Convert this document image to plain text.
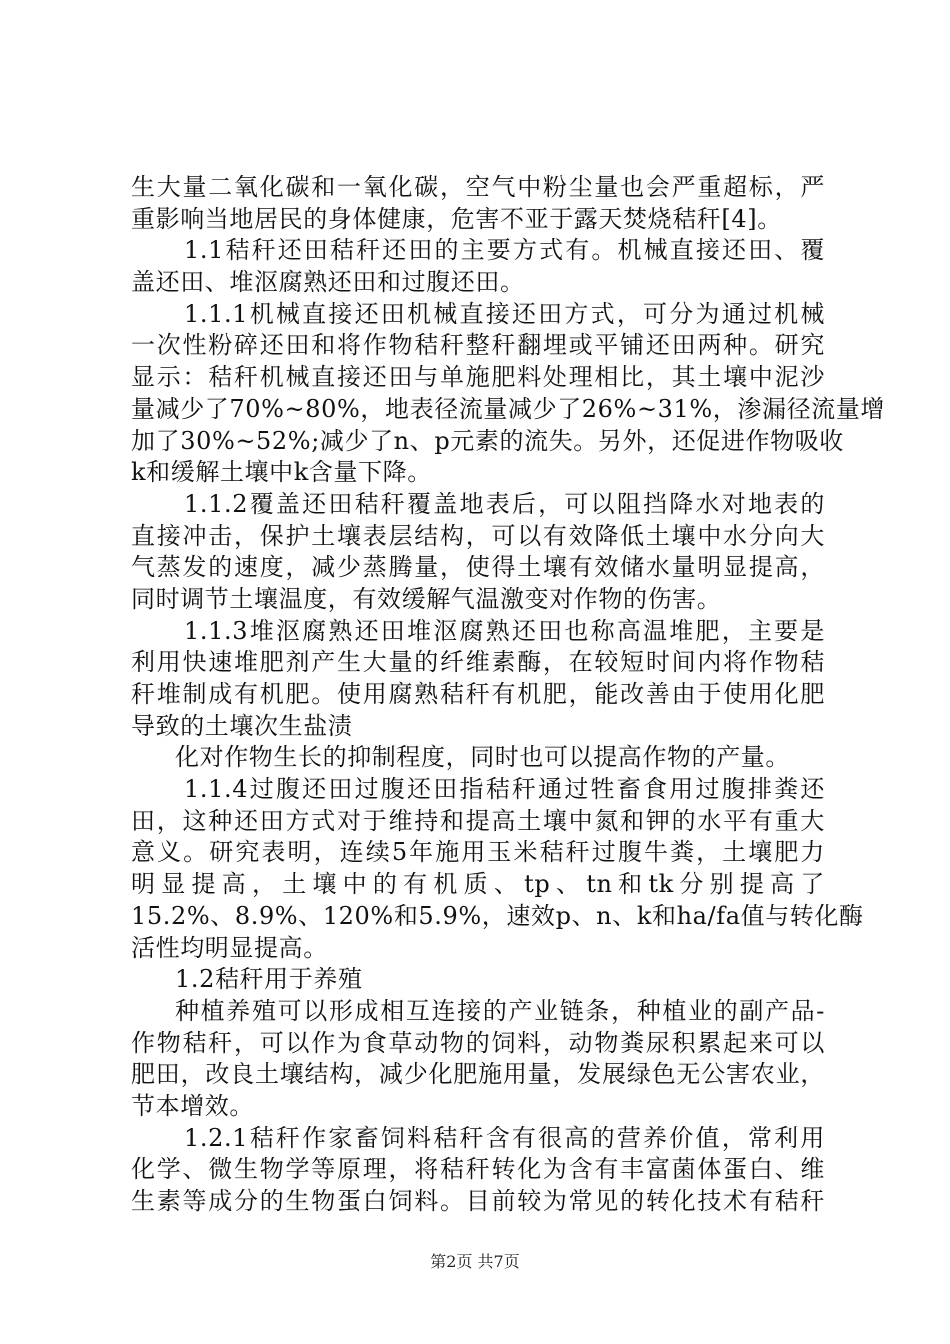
生大量二氧化碳和一氧化碳，空气中粉尘量也会严重超标，严
重影响当地居民的身体健康，危害不亚于露天焚烧秸秆[4]。
1.1秸秆还田秸秆还田的主要方式有。机械直接还田、覆
盖还田、堆沤腐熟还田和过腹还田。
1.1.1机械直接还田机械直接还田方式，可分为通过机械
一次性粉碎还田和将作物秸秆整秆翻埋或平铺还田两种。研究
显示：秸秆机械直接还田与单施肥料处理相比，其土壤中泥沙
量减少了70%~80%，地表径流量减少了26%~31%，渗漏径流量增
加了30%~52%;减少了n、p元素的流失。另外，还促进作物吸收
k和缓解土壤中k含量下降。
1.1.2覆盖还田秸秆覆盖地表后，可以阻挡降水对地表的
直接冲击，保护土壤表层结构，可以有效降低土壤中水分向大
气蒸发的速度，减少蒸腾量，使得土壤有效储水量明显提高，
同时调节土壤温度，有效缓解气温激变对作物的伤害。
1.1.3堆沤腐熟还田堆沤腐熟还田也称高温堆肥，主要是
利用快速堆肥剂产生大量的纤维素酶，在较短时间内将作物秸
秆堆制成有机肥。使用腐熟秸秆有机肥，能改善由于使用化肥
导致的土壤次生盐渍
化对作物生长的抑制程度，同时也可以提高作物的产量。
1.1.4过腹还田过腹还田指秸秆通过牲畜食用过腹排粪还
田，这种还田方式对于维持和提高土壤中氮和钾的水平有重大
意义。研究表明，连续5年施用玉米秸秆过腹牛粪，土壤肥力
明显提高，土壤中的有机质、tp、tn和tk分别提高了
15.2%、8.9%、120%和5.9%，速效p、n、k和ha/fa值与转化酶
活性均明显提高。
1.2秸秆用于养殖
种植养殖可以形成相互连接的产业链条，种植业的副产品-
作物秸秆，可以作为食草动物的饲料，动物粪尿积累起来可以
肥田，改良土壤结构，减少化肥施用量，发展绿色无公害农业，
节本增效。
1.2.1秸秆作家畜饲料秸秆含有很高的营养价值，常利用
化学、微生物学等原理，将秸秆转化为含有丰富菌体蛋白、维
生素等成分的生物蛋白饲料。目前较为常见的转化技术有秸秆
第2页 共7页
